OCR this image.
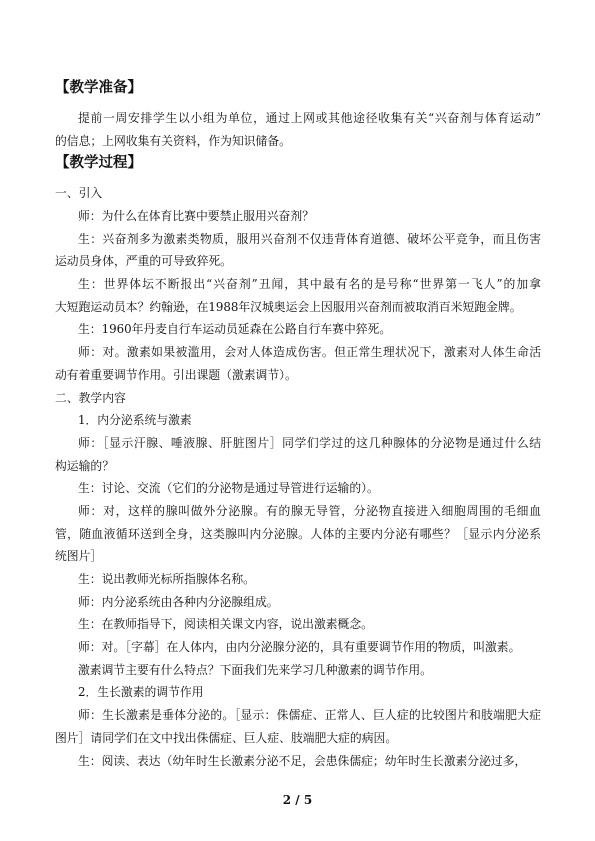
【教学准备】
提前一周安排学生以小组为单位，通过上网或其他途径收集有关“兴奋剂与体育运动”
的信息；上网收集有关资料，作为知识储备。
【教学过程】
一、引入
师：为什么在体育比赛中要禁止服用兴奋剂？
生：兴奋剂多为激素类物质，服用兴奋剂不仅违背体育道德、破坏公平竞争，而且伤害
运动员身体，严重的可导致猝死。
生：世界体坛不断报出“兴奋剂”丑闻，其中最有名的是号称“世界第一飞人”的加拿
大短跑运动员本？约翰逊，在1988年汉城奥运会上因服用兴奋剂而被取消百米短跑金牌。
生：1960年丹麦自行车运动员延森在公路自行车赛中猝死。
师：对。激素如果被滥用，会对人体造成伤害。但正常生理状况下，激素对人体生命活
动有着重要调节作用。引出课题（激素调节）。
二、教学内容
1．内分泌系统与激素
师：［显示汗腺、唾液腺、肝脏图片］同学们学过的这几种腺体的分泌物是通过什么结
构运输的？
生：讨论、交流（它们的分泌物是通过导管进行运输的）。
师：对，这样的腺叫做外分泌腺。有的腺无导管，分泌物直接进入细胞周围的毛细血
管，随血液循环送到全身，这类腺叫内分泌腺。人体的主要内分泌有哪些？［显示内分泌系
统图片］
生：说出教师光标所指腺体名称。
师：内分泌系统由各种内分泌腺组成。
生：在教师指导下，阅读相关课文内容，说出激素概念。
师：对。［字幕］在人体内，由内分泌腺分泌的，具有重要调节作用的物质，叫激素。
激素调节主要有什么特点？下面我们先来学习几种激素的调节作用。
2．生长激素的调节作用
师：生长激素是垂体分泌的。［显示：侏儒症、正常人、巨人症的比较图片和肢端肥大症
图片］请同学们在文中找出侏儒症、巨人症、肢端肥大症的病因。
生：阅读、表达（幼年时生长激素分泌不足，会患侏儒症；幼年时生长激素分泌过多，
2 / 5
